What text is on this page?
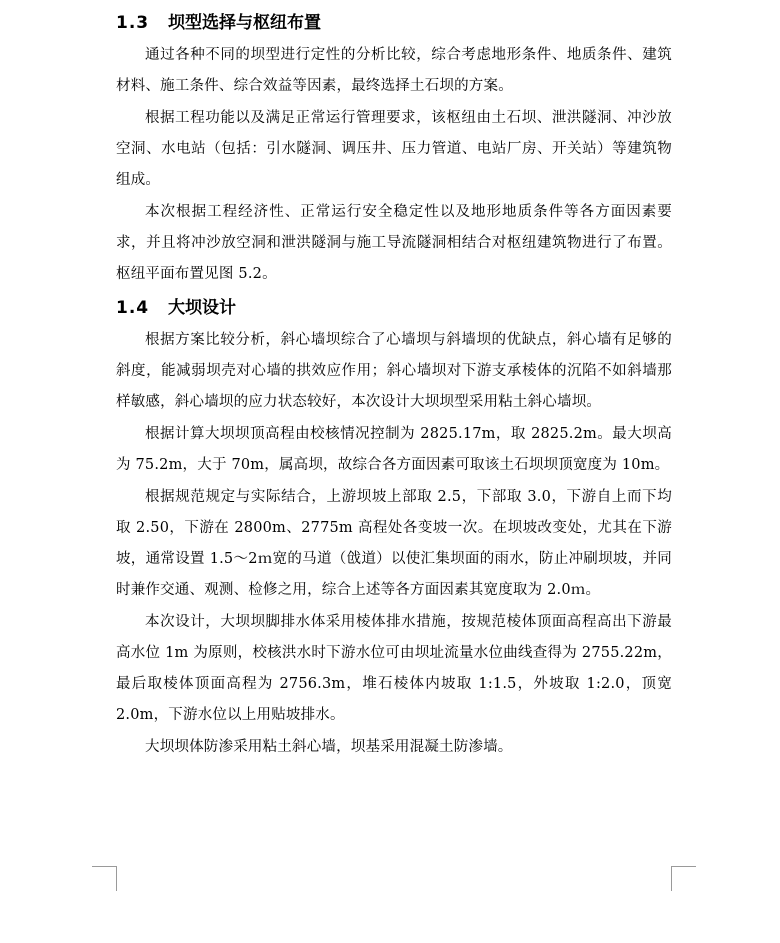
1.3 坝型选择与枢纽布置

通过各种不同的坝型进行定性的分析比较，综合考虑地形条件、地质条件、建筑材料、施工条件、综合效益等因素，最终选择土石坝的方案。

根据工程功能以及满足正常运行管理要求，该枢纽由土石坝、泄洪隧洞、冲沙放空洞、水电站（包括：引水隧洞、调压井、压力管道、电站厂房、开关站）等建筑物组成。

本次根据工程经济性、正常运行安全稳定性以及地形地质条件等各方面因素要求，并且将冲沙放空洞和泄洪隧洞与施工导流隧洞相结合对枢纽建筑物进行了布置。枢纽平面布置见图 5.2。

1.4 大坝设计

根据方案比较分析，斜心墙坝综合了心墙坝与斜墙坝的优缺点，斜心墙有足够的斜度，能减弱坝壳对心墙的拱效应作用；斜心墙坝对下游支承棱体的沉陷不如斜墙那样敏感，斜心墙坝的应力状态较好，本次设计大坝坝型采用粘土斜心墙坝。

根据计算大坝坝顶高程由校核情况控制为 2825.17m，取 2825.2m。最大坝高为 75.2m，大于 70m，属高坝，故综合各方面因素可取该土石坝坝顶宽度为 10m。

根据规范规定与实际结合，上游坝坡上部取 2.5，下部取 3.0，下游自上而下均取 2.50，下游在 2800m、2775m 高程处各变坡一次。在坝坡改变处，尤其在下游坡，通常设置 1.5～2ｍ宽的马道（戗道）以使汇集坝面的雨水，防止冲刷坝坡，并同时兼作交通、观测、检修之用，综合上述等各方面因素其宽度取为 2.0ｍ。

本次设计，大坝坝脚排水体采用棱体排水措施，按规范棱体顶面高程高出下游最高水位 1m 为原则，校核洪水时下游水位可由坝址流量水位曲线查得为 2755.22m，最后取棱体顶面高程为 2756.3m，堆石棱体内坡取 1:1.5，外坡取 1:2.0，顶宽 2.0m，下游水位以上用贴坡排水。

大坝坝体防渗采用粘土斜心墙，坝基采用混凝土防渗墙。
